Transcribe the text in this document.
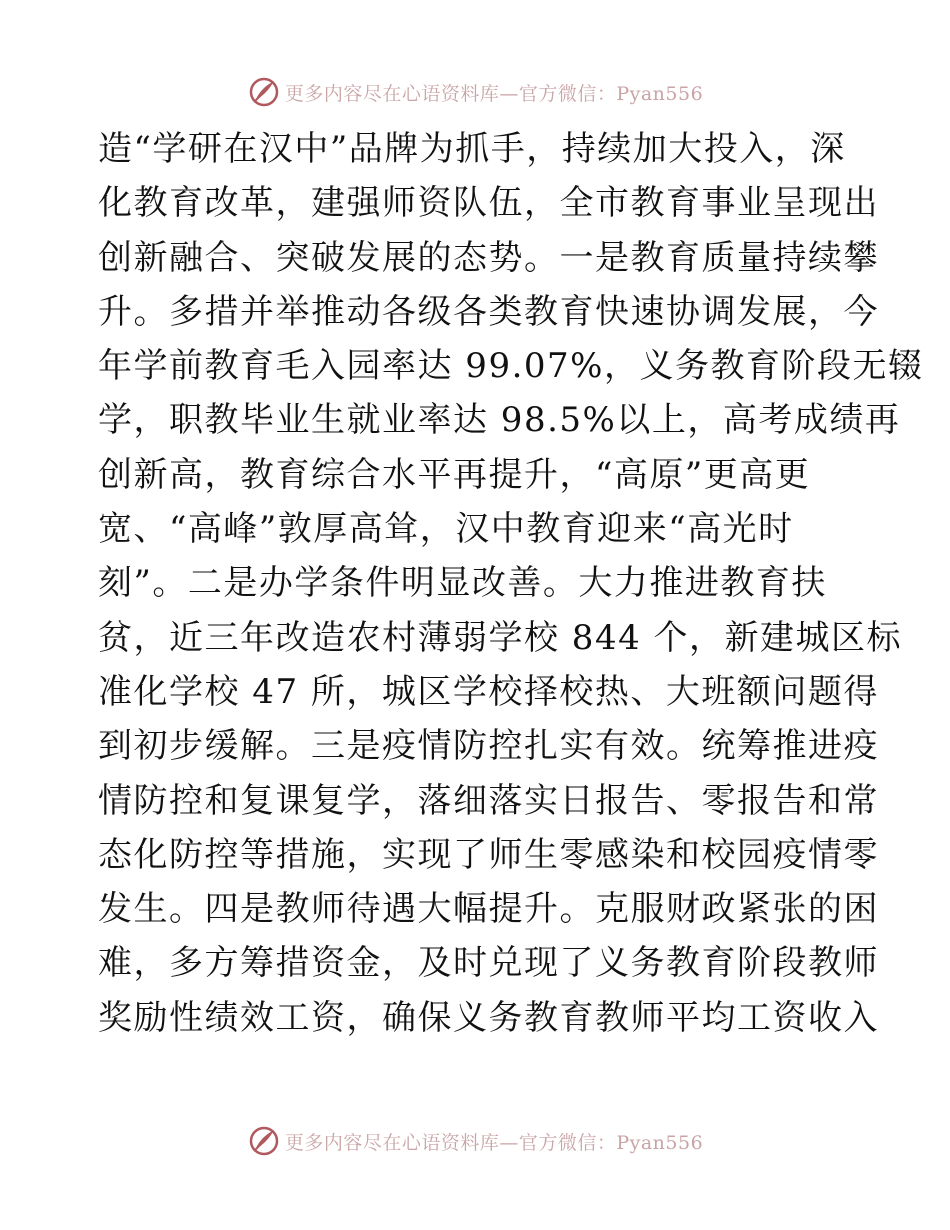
更多内容尽在心语资料库—官方微信：Pyan556
造“学研在汉中”品牌为抓手，持续加大投入，深
化教育改革，建强师资队伍，全市教育事业呈现出
创新融合、突破发展的态势。一是教育质量持续攀
升。多措并举推动各级各类教育快速协调发展，今
年学前教育毛入园率达 99.07%，义务教育阶段无辍
学，职教毕业生就业率达 98.5%以上，高考成绩再
创新高，教育综合水平再提升，“高原”更高更
宽、“高峰”敦厚高耸，汉中教育迎来“高光时
刻”。二是办学条件明显改善。大力推进教育扶
贫，近三年改造农村薄弱学校 844 个，新建城区标
准化学校 47 所，城区学校择校热、大班额问题得
到初步缓解。三是疫情防控扎实有效。统筹推进疫
情防控和复课复学，落细落实日报告、零报告和常
态化防控等措施，实现了师生零感染和校园疫情零
发生。四是教师待遇大幅提升。克服财政紧张的困
难，多方筹措资金，及时兑现了义务教育阶段教师
奖励性绩效工资，确保义务教育教师平均工资收入
更多内容尽在心语资料库—官方微信：Pyan556
